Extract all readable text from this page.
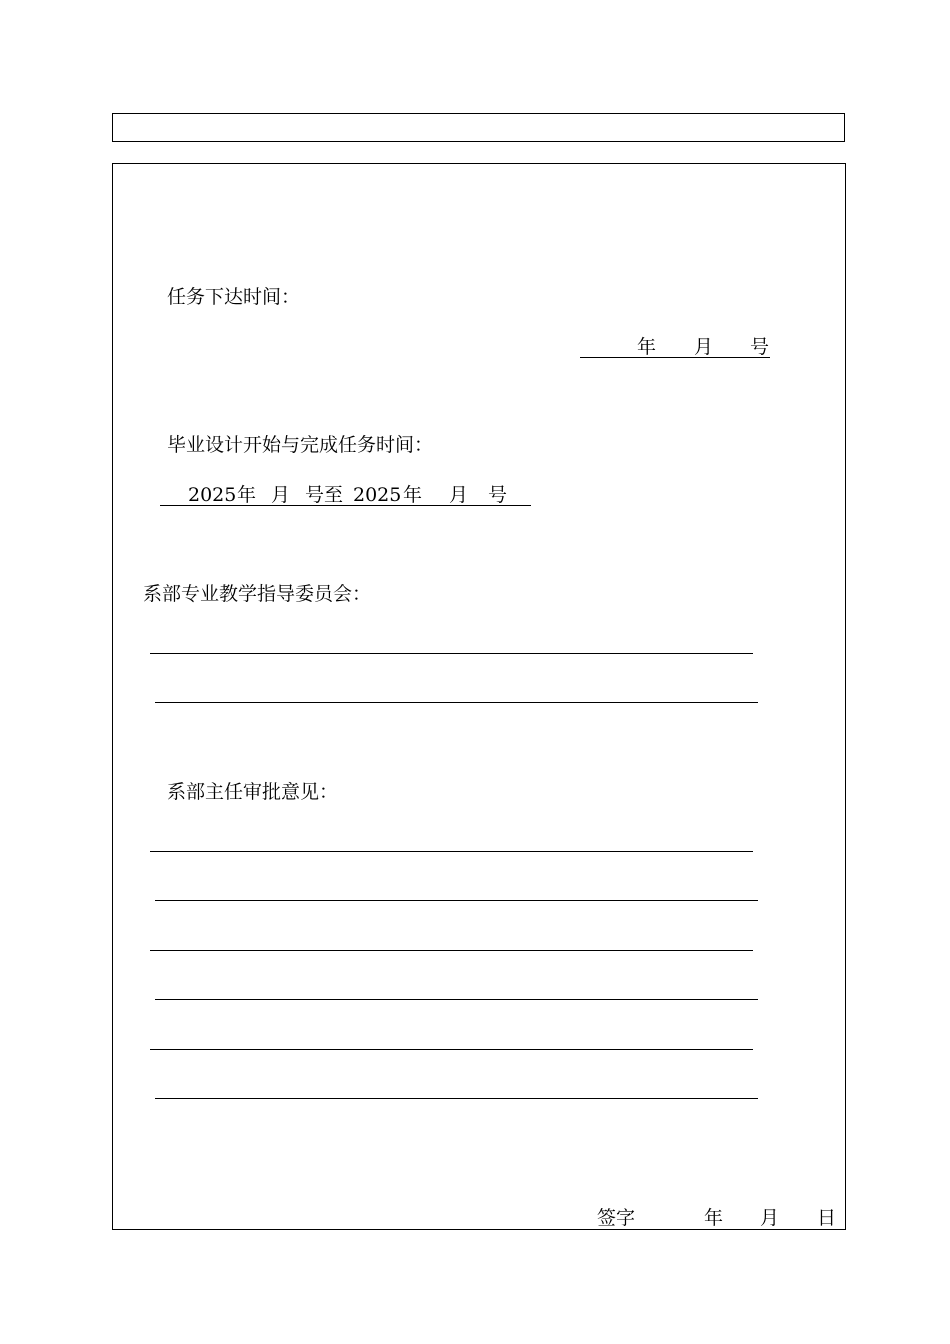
任务下达时间：
年 月 号
毕业设计开始与完成任务时间：
2025 年 月 号至 2025 年 月 号
系部专业教学指导委员会：
系部主任审批意见：
签字	年 月 日
